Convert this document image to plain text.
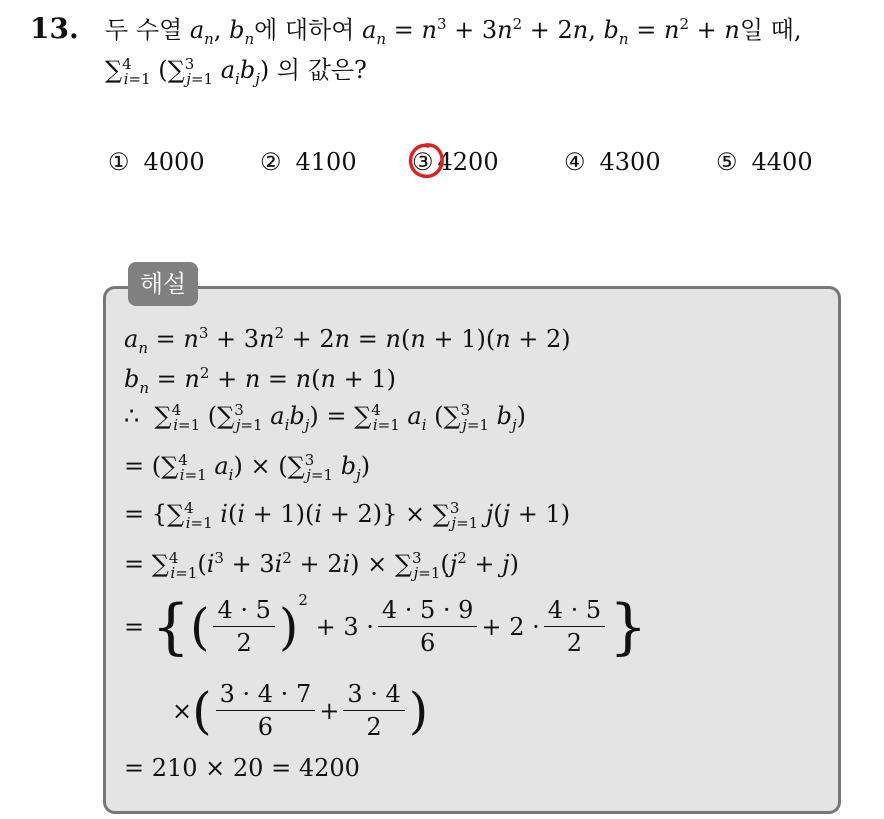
13. 두 수열 $a_n$, $b_n$에 대하여 $a_n = n^3 + 3n^2 + 2n$, $b_n = n^2 + n$일 때,
∑$^4_{i=1}$ (∑$^3_{j=1}$ $a_ib_j$) 의 값은?
① 4000 ② 4100 ③ 4200	④ 4300 ⑤ 4400
해설
$a_n = n^3 + 3n^2 + 2n = n(n + 1)(n + 2)$
$b_n = n^2 + n = n(n + 1)$
∴  ∑$^4_{i=1}$ (∑$^3_{j=1}$ $a_ib_j) = \sum^4_{i=1}$ $a_i$ (∑$^3_{j=1}$ $b_j$)
= (∑$^4_{i=1}$ $a_i) \times (\sum^3_{j=1}$ $b_j$)
= {∑$^4_{i=1}$ i(i + 1)(i + 2)} × ∑$^3_{j=1}$ j(j + 1)
= $\sum^4_{i=1}(i^3 + 3i^2 + 2i) \times \sum^3_{j=1}(j^2 + j)$
= { ( $\frac{4 \cdot 5}{2}$ ) 2
+ $3 \cdot \frac{4 \cdot 5 \cdot 9}{6} + 2 \cdot \frac{4 \cdot 5}{2}$ }
× ( $\frac{3 \cdot 4 \cdot 7}{6} + \frac{3 \cdot 4}{2}$ )
= 210 × 20 = 4200
